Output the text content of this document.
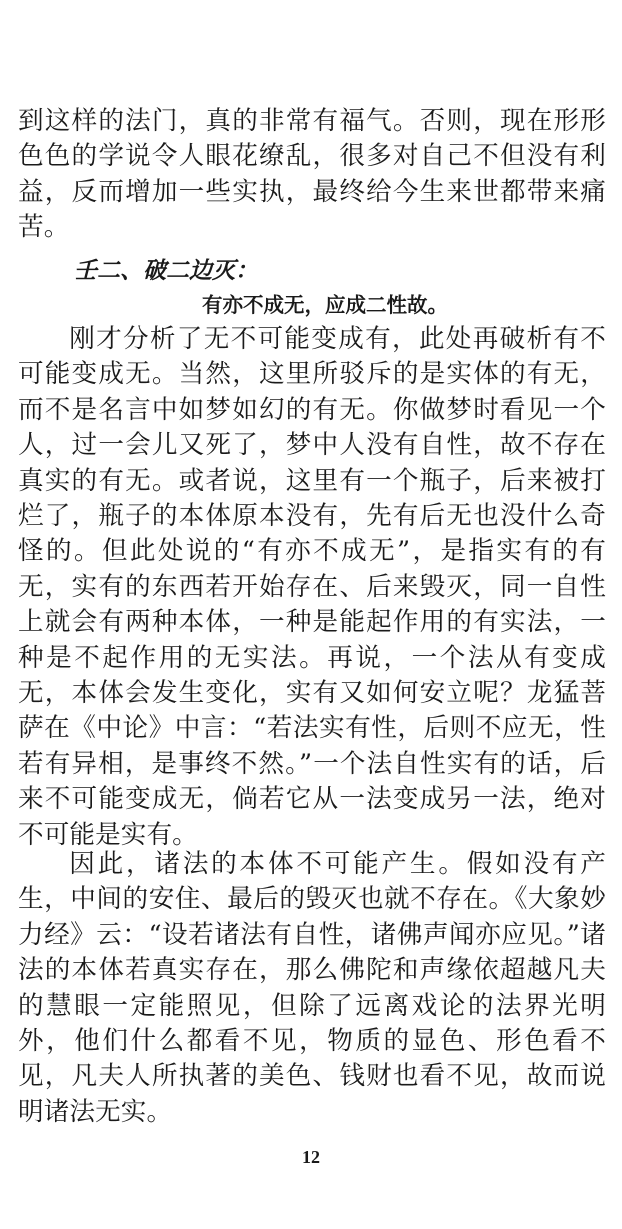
到这样的法门，真的非常有福气。否则，现在形形色色的学说令人眼花缭乱，很多对自己不但没有利益，反而增加一些实执，最终给今生来世都带来痛苦。

壬二、破二边灭：

有亦不成无，应成二性故。

刚才分析了无不可能变成有，此处再破析有不可能变成无。当然，这里所驳斥的是实体的有无，而不是名言中如梦如幻的有无。你做梦时看见一个人，过一会儿又死了，梦中人没有自性，故不存在真实的有无。或者说，这里有一个瓶子，后来被打烂了，瓶子的本体原本没有，先有后无也没什么奇怪的。但此处说的“有亦不成无”，是指实有的有无，实有的东西若开始存在、后来毁灭，同一自性上就会有两种本体，一种是能起作用的有实法，一种是不起作用的无实法。再说，一个法从有变成无，本体会发生变化，实有又如何安立呢？龙猛菩萨在《中论》中言：“若法实有性，后则不应无，性若有异相，是事终不然。”一个法自性实有的话，后来不可能变成无，倘若它从一法变成另一法，绝对不可能是实有。

因此，诸法的本体不可能产生。假如没有产生，中间的安住、最后的毁灭也就不存在。《大象妙力经》云：“设若诸法有自性，诸佛声闻亦应见。”诸法的本体若真实存在，那么佛陀和声缘依超越凡夫的慧眼一定能照见，但除了远离戏论的法界光明外，他们什么都看不见，物质的显色、形色看不见，凡夫人所执著的美色、钱财也看不见，故而说明诸法无实。

12
